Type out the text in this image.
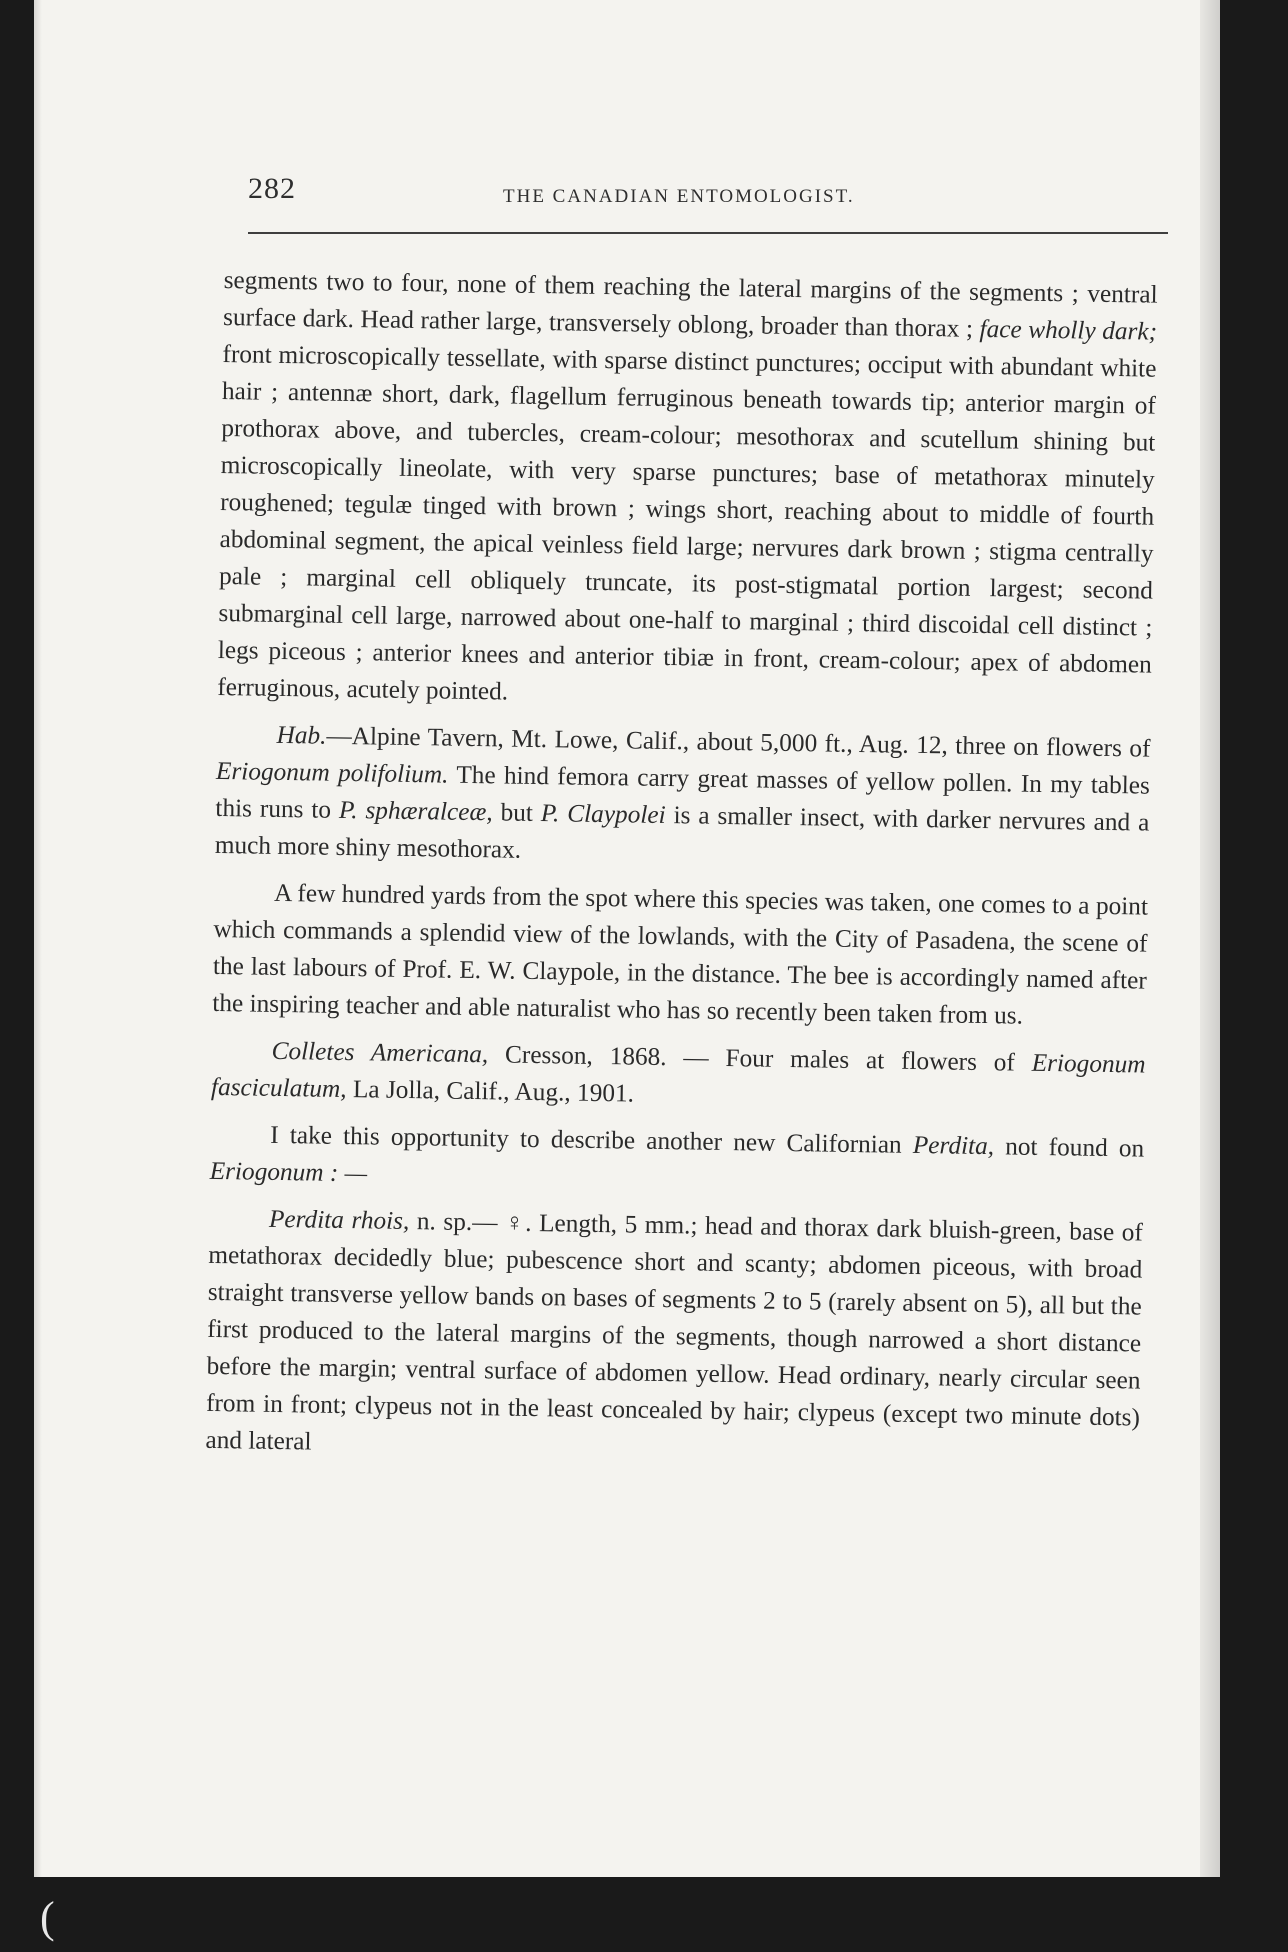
282	THE CANADIAN ENTOMOLOGIST.

segments two to four, none of them reaching the lateral margins of the segments ; ventral surface dark. Head rather large, transversely oblong, broader than thorax ; face wholly dark; front microscopically tessellate, with sparse distinct punctures; occiput with abundant white hair ; antennæ short, dark, flagellum ferruginous beneath towards tip; anterior margin of prothorax above, and tubercles, cream-colour; mesothorax and scutellum shining but microscopically lineolate, with very sparse punctures; base of metathorax minutely roughened; tegulæ tinged with brown ; wings short, reaching about to middle of fourth abdominal segment, the apical veinless field large; nervures dark brown ; stigma centrally pale ; marginal cell obliquely truncate, its post-stigmatal portion largest; second submarginal cell large, narrowed about one-half to marginal ; third discoidal cell distinct ; legs piceous ; anterior knees and anterior tibiæ in front, cream-colour; apex of abdomen ferruginous, acutely pointed.

Hab.—Alpine Tavern, Mt. Lowe, Calif., about 5,000 ft., Aug. 12, three on flowers of Eriogonum polifolium. The hind femora carry great masses of yellow pollen. In my tables this runs to P. sphæralceæ, but P. Claypolei is a smaller insect, with darker nervures and a much more shiny mesothorax.

A few hundred yards from the spot where this species was taken, one comes to a point which commands a splendid view of the lowlands, with the City of Pasadena, the scene of the last labours of Prof. E. W. Claypole, in the distance. The bee is accordingly named after the inspiring teacher and able naturalist who has so recently been taken from us.

Colletes Americana, Cresson, 1868. — Four males at flowers of Eriogonum fasciculatum, La Jolla, Calif., Aug., 1901.

I take this opportunity to describe another new Californian Perdita, not found on Eriogonum : —

Perdita rhois, n. sp.— ♀. Length, 5 mm.; head and thorax dark bluish-green, base of metathorax decidedly blue; pubescence short and scanty; abdomen piceous, with broad straight transverse yellow bands on bases of segments 2 to 5 (rarely absent on 5), all but the first produced to the lateral margins of the segments, though narrowed a short distance before the margin; ventral surface of abdomen yellow. Head ordinary, nearly circular seen from in front; clypeus not in the least concealed by hair; clypeus (except two minute dots) and lateral

(
